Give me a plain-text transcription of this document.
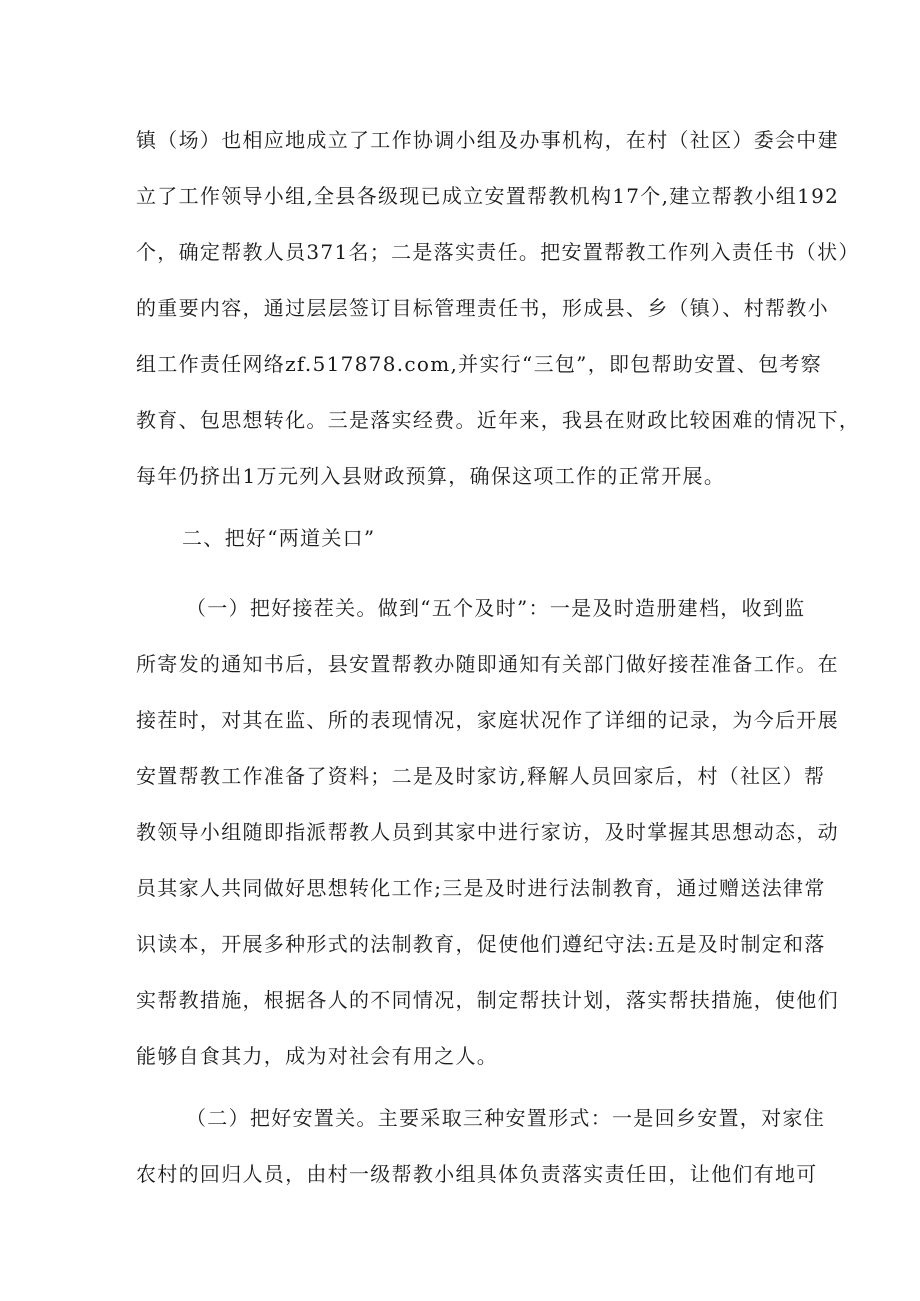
镇（场）也相应地成立了工作协调小组及办事机构，在村（社区）委会中建
立了工作领导小组,全县各级现已成立安置帮教机构17个,建立帮教小组192
个，确定帮教人员371名；二是落实责任。把安置帮教工作列入责任书（状）
的重要内容，通过层层签订目标管理责任书，形成县、乡（镇）、村帮教小
组工作责任网络zf.517878.com,并实行“三包”，即包帮助安置、包考察
教育、包思想转化。三是落实经费。近年来，我县在财政比较困难的情况下，
每年仍挤出1万元列入县财政预算，确保这项工作的正常开展。
二、把好“两道关口”
（一）把好接茬关。做到“五个及时”：一是及时造册建档，收到监
所寄发的通知书后，县安置帮教办随即通知有关部门做好接茬准备工作。在
接茬时，对其在监、所的表现情况，家庭状况作了详细的记录，为今后开展
安置帮教工作准备了资料；二是及时家访,释解人员回家后，村（社区）帮
教领导小组随即指派帮教人员到其家中进行家访，及时掌握其思想动态，动
员其家人共同做好思想转化工作;三是及时进行法制教育，通过赠送法律常
识读本，开展多种形式的法制教育，促使他们遵纪守法:五是及时制定和落
实帮教措施，根据各人的不同情况，制定帮扶计划，落实帮扶措施，使他们
能够自食其力，成为对社会有用之人。
（二）把好安置关。主要采取三种安置形式：一是回乡安置，对家住
农村的回归人员，由村一级帮教小组具体负责落实责任田，让他们有地可
